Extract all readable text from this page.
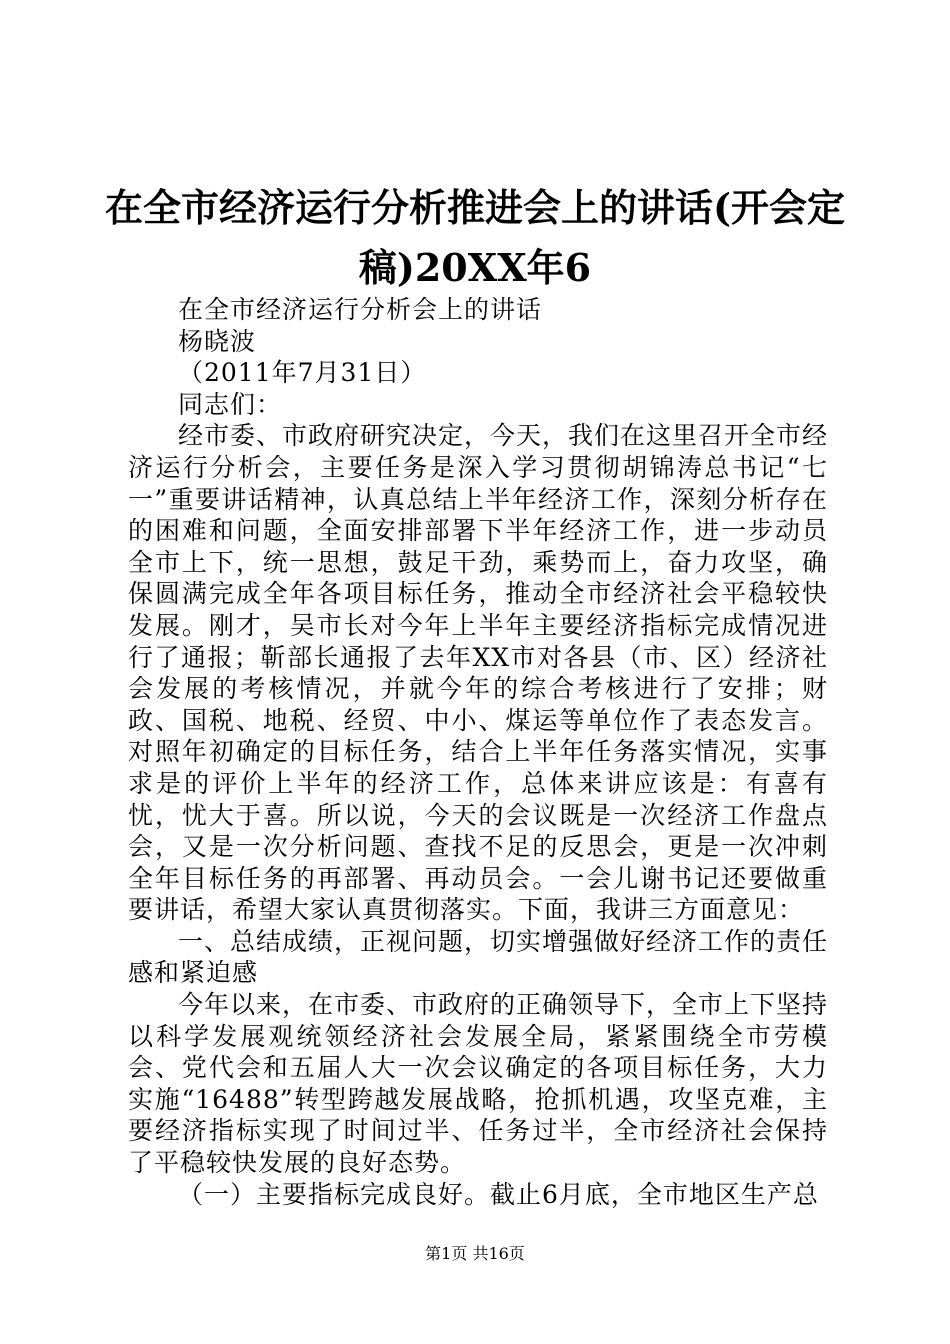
在全市经济运行分析推进会上的讲话(开会定稿)20XX年6

在全市经济运行分析会上的讲话

杨晓波

（2011年7月31日）

同志们：

经市委、市政府研究决定，今天，我们在这里召开全市经济运行分析会，主要任务是深入学习贯彻胡锦涛总书记“七一”重要讲话精神，认真总结上半年经济工作，深刻分析存在的困难和问题，全面安排部署下半年经济工作，进一步动员全市上下，统一思想，鼓足干劲，乘势而上，奋力攻坚，确保圆满完成全年各项目标任务，推动全市经济社会平稳较快发展。刚才，吴市长对今年上半年主要经济指标完成情况进行了通报；靳部长通报了去年XX市对各县（市、区）经济社会发展的考核情况，并就今年的综合考核进行了安排；财政、国税、地税、经贸、中小、煤运等单位作了表态发言。对照年初确定的目标任务，结合上半年任务落实情况，实事求是的评价上半年的经济工作，总体来讲应该是：有喜有忧，忧大于喜。所以说，今天的会议既是一次经济工作盘点会，又是一次分析问题、查找不足的反思会，更是一次冲刺全年目标任务的再部署、再动员会。一会儿谢书记还要做重要讲话，希望大家认真贯彻落实。下面，我讲三方面意见：

一、总结成绩，正视问题，切实增强做好经济工作的责任感和紧迫感

今年以来，在市委、市政府的正确领导下，全市上下坚持以科学发展观统领经济社会发展全局，紧紧围绕全市劳模会、党代会和五届人大一次会议确定的各项目标任务，大力实施“16488”转型跨越发展战略，抢抓机遇，攻坚克难，主要经济指标实现了时间过半、任务过半，全市经济社会保持了平稳较快发展的良好态势。

（一）主要指标完成良好。截止6月底，全市地区生产总

第1页 共16页
